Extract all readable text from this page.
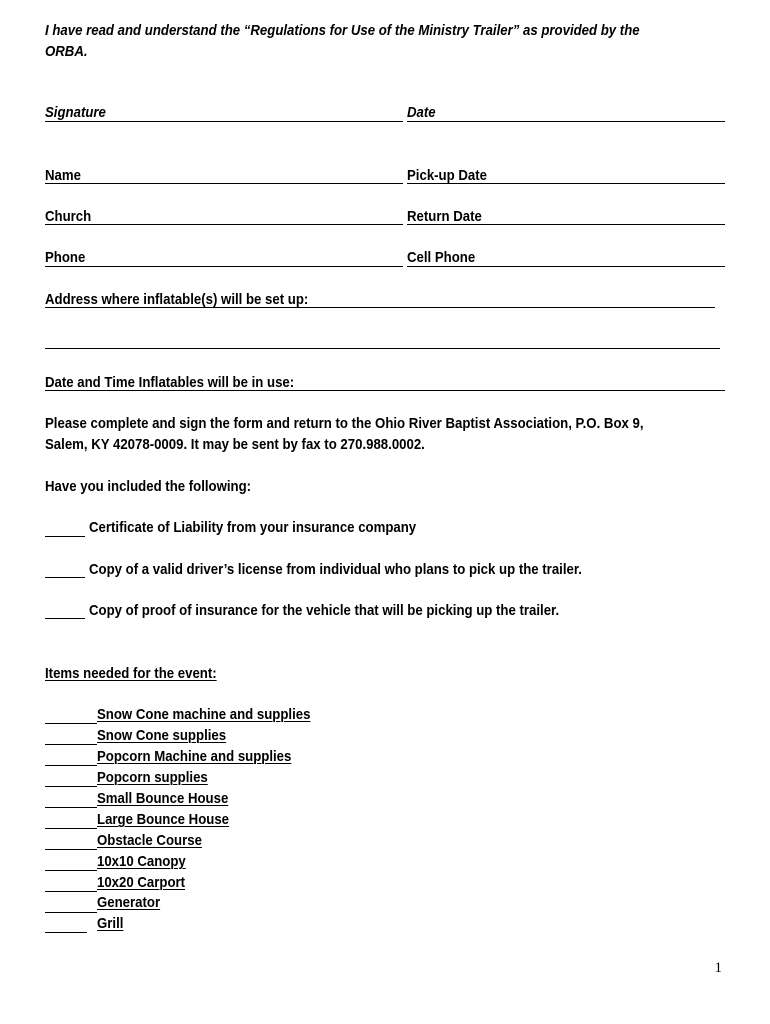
I have read and understand the “Regulations for Use of the Ministry Trailer” as provided by the
ORBA.
Signature	Date
Name	Pick-up Date
Church	Return Date
Phone	Cell Phone
Address where inflatable(s) will be set up:
Date and Time Inflatables will be in use:
Please complete and sign the form and return to the Ohio River Baptist Association, P.O. Box 9,
Salem, KY 42078-0009. It may be sent by fax to 270.988.0002.
Have you included the following:
Certificate of Liability from your insurance company
Copy of a valid driver’s license from individual who plans to pick up the trailer.
Copy of proof of insurance for the vehicle that will be picking up the trailer.
Items needed for the event:
Snow Cone machine and supplies
Snow Cone supplies
Popcorn Machine and supplies
Popcorn supplies
Small Bounce House
Large Bounce House
Obstacle Course
10x10 Canopy
10x20 Carport
Generator
Grill
1
